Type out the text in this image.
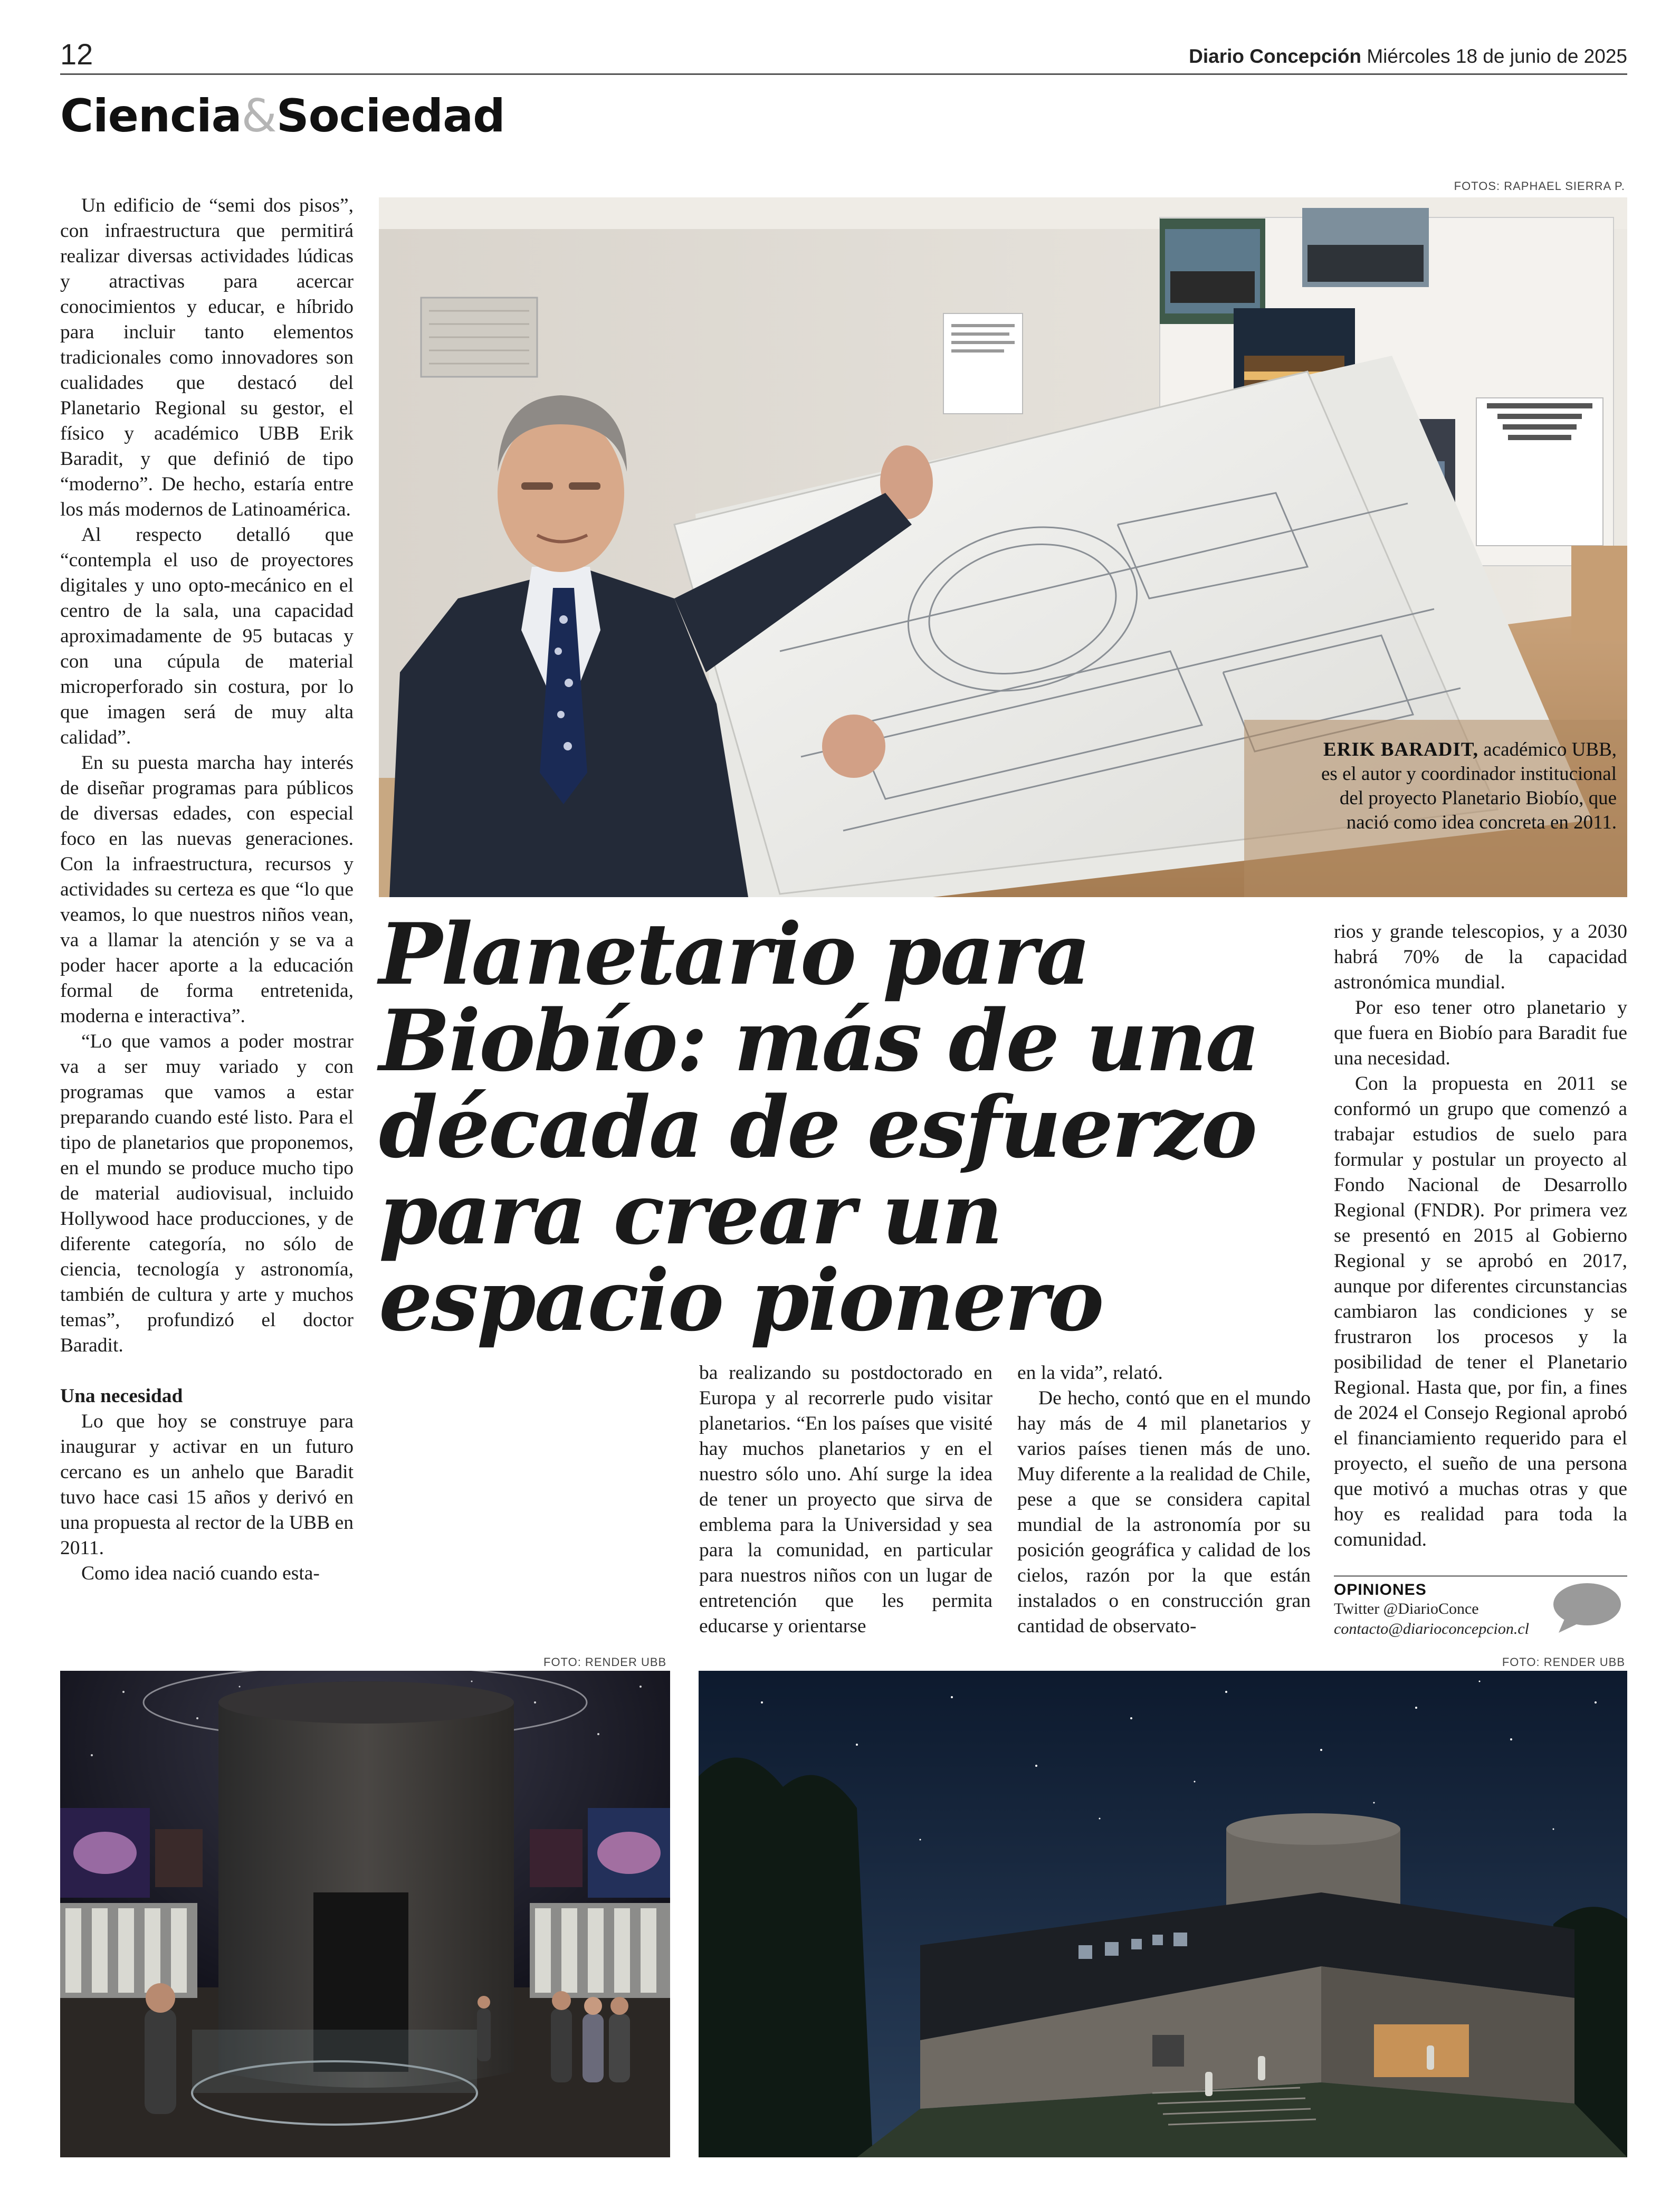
12	Diario Concepción Miércoles 18 de junio de 2025
Ciencia&Sociedad

Un edificio de “semi dos pisos”, con infraestructura que permitirá realizar diversas actividades lúdicas y atractivas para acercar conocimientos y educar, e híbrido para incluir tanto elementos tradicionales como innovadores son cualidades que destacó del Planetario Regional su gestor, el físico y académico UBB Erik Baradit, y que definió de tipo “moderno”. De hecho, estaría entre los más modernos de Latinoamérica.

Al respecto detalló que “contempla el uso de proyectores digitales y uno opto-mecánico en el centro de la sala, una capacidad aproximadamente de 95 butacas y con una cúpula de material microperforado sin costura, por lo que imagen será de muy alta calidad”.

En su puesta marcha hay interés de diseñar programas para públicos de diversas edades, con especial foco en las nuevas generaciones. Con la infraestructura, recursos y actividades su certeza es que “lo que veamos, lo que nuestros niños vean, va a llamar la atención y se va a poder hacer aporte a la educación formal de forma entretenida, moderna e interactiva”.

“Lo que vamos a poder mostrar va a ser muy variado y con programas que vamos a estar preparando cuando esté listo. Para el tipo de planetarios que proponemos, en el mundo se produce mucho tipo de material audiovisual, incluido Hollywood hace producciones, y de diferente categoría, no sólo de ciencia, tecnología y astronomía, también de cultura y arte y muchos temas”, profundizó el doctor Baradit.

Una necesidad

Lo que hoy se construye para inaugurar y activar en un futuro cercano es un anhelo que Baradit tuvo hace casi 15 años y derivó en una propuesta al rector de la UBB en 2011.

Como idea nació cuando esta-

FOTOS: RAPHAEL SIERRA P.
ERIK BARADIT, académico UBB, es el autor y coordinador institucional del proyecto Planetario Biobío, que nació como idea concreta en 2011.
Planetario para Biobío: más de una década de esfuerzo para crear un espacio pionero

ba realizando su postdoctorado en Europa y al recorrerle pudo visitar planetarios. “En los países que visité hay muchos planetarios y en el nuestro sólo uno. Ahí surge la idea de tener un proyecto que sirva de emblema para la Universidad y sea para la comunidad, en particular para nuestros niños con un lugar de entretención que les permita educarse y orientarse

en la vida”, relató.

De hecho, contó que en el mundo hay más de 4 mil planetarios y varios países tienen más de uno. Muy diferente a la realidad de Chile, pese a que se considera capital mundial de la astronomía por su posición geográfica y calidad de los cielos, razón por la que están instalados o en construcción gran cantidad de observato-

rios y grande telescopios, y a 2030 habrá 70% de la capacidad astronómica mundial.

Por eso tener otro planetario y que fuera en Biobío para Baradit fue una necesidad.

Con la propuesta en 2011 se conformó un grupo que comenzó a trabajar estudios de suelo para formular y postular un proyecto al Fondo Nacional de Desarrollo Regional (FNDR). Por primera vez se presentó en 2015 al Gobierno Regional y se aprobó en 2017, aunque por diferentes circunstancias cambiaron las condiciones y se frustraron los procesos y la posibilidad de tener el Planetario Regional. Hasta que, por fin, a fines de 2024 el Consejo Regional aprobó el financiamiento requerido para el proyecto, el sueño de una persona que motivó a muchas otras y que hoy es realidad para toda la comunidad.

OPINIONES
Twitter @DiarioConce
contacto@diarioconcepcion.cl
FOTO: RENDER UBB	FOTO: RENDER UBB
